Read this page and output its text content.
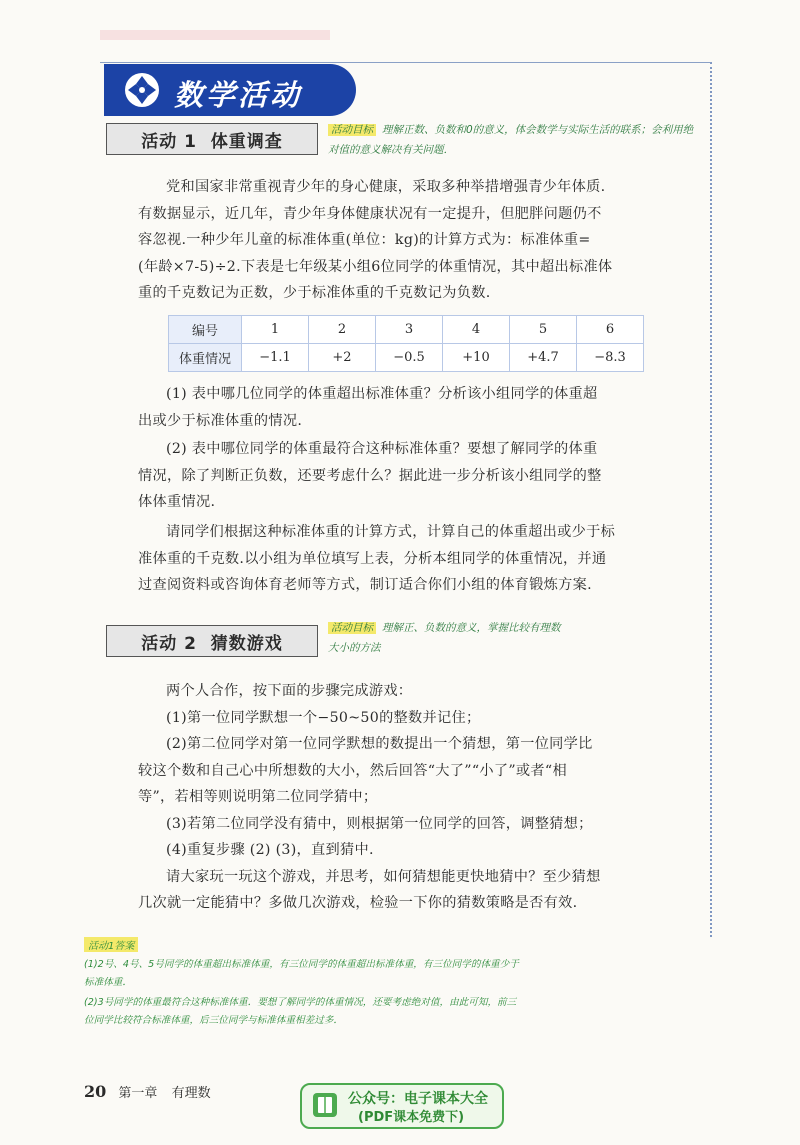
数学活动
活动 1
体重调查
活动目标 理解正数、负数和0的意义，体会数学与实际生活的联系；会利用绝对值的意义解决有关问题．
党和国家非常重视青少年的身心健康，采取多种举措增强青少年体质.
有数据显示，近几年，青少年身体健康状况有一定提升，但肥胖问题仍不
容忽视.一种少年儿童的标准体重(单位：kg)的计算方式为：标准体重=
(年龄×7-5)÷2.下表是七年级某小组6位同学的体重情况，其中超出标准体
重的千克数记为正数，少于标准体重的千克数记为负数.
编号	1	2	3	4	5	6
体重情况	−1.1	+2	−0.5	+10	+4.7	−8.3
(1) 表中哪几位同学的体重超出标准体重？分析该小组同学的体重超
出或少于标准体重的情况.
(2) 表中哪位同学的体重最符合这种标准体重？要想了解同学的体重
情况，除了判断正负数，还要考虑什么？据此进一步分析该小组同学的整
体体重情况.
请同学们根据这种标准体重的计算方式，计算自己的体重超出或少于标
准体重的千克数.以小组为单位填写上表，分析本组同学的体重情况，并通
过查阅资料或咨询体育老师等方式，制订适合你们小组的体育锻炼方案.
活动 2
猜数游戏
活动目标 理解正、负数的意义，掌握比较有理数
大小的方法
两个人合作，按下面的步骤完成游戏：
(1)第一位同学默想一个−50~50的整数并记住；
(2)第二位同学对第一位同学默想的数提出一个猜想，第一位同学比
较这个数和自己心中所想数的大小，然后回答“大了”“小了”或者“相
等”，若相等则说明第二位同学猜中；
(3)若第二位同学没有猜中，则根据第一位同学的回答，调整猜想；
(4)重复步骤 (2) (3)，直到猜中.
请大家玩一玩这个游戏，并思考，如何猜想能更快地猜中？至少猜想
几次就一定能猜中？多做几次游戏，检验一下你的猜数策略是否有效.
活动1答案
(1)2号、4号、5号同学的体重超出标准体重，有三位同学的体重超出标准体重，有三位同学的体重少于
标准体重．
(2)3号同学的体重最符合这种标准体重．要想了解同学的体重情况，还要考虑绝对值，由此可知，前三
位同学比较符合标准体重，后三位同学与标准体重相差过多．
20 第一章 有理数	公众号：电子课本大全
(PDF课本免费下)
